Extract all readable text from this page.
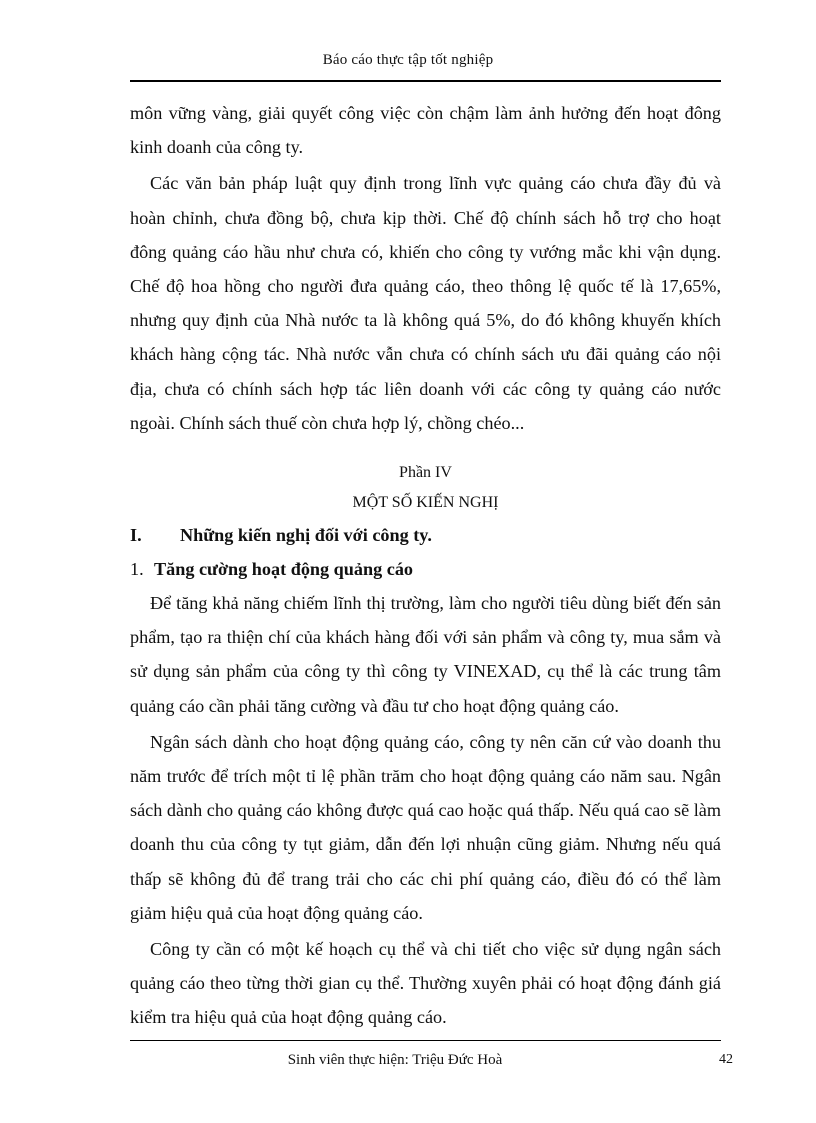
Báo cáo thực tập tốt nghiệp

môn vững vàng, giải quyết công việc còn chậm làm ảnh hưởng đến hoạt đông kinh doanh của công ty.

Các văn bản pháp luật quy định trong lĩnh vực quảng cáo chưa đầy đủ và hoàn chỉnh, chưa đồng bộ, chưa kịp thời. Chế độ chính sách hỗ trợ cho hoạt đông quảng cáo hầu như chưa có, khiến cho công ty vướng mắc khi vận dụng. Chế độ hoa hồng cho người đưa quảng cáo, theo thông lệ quốc tế là 17,65%, nhưng quy định của Nhà nước ta là không quá 5%, do đó không khuyến khích khách hàng cộng tác. Nhà nước vẫn chưa có chính sách ưu đãi quảng cáo nội địa, chưa có chính sách hợp tác liên doanh với các công ty quảng cáo nước ngoài. Chính sách thuế còn chưa hợp lý, chồng chéo...

Phần IV

MỘT SỐ KIẾN NGHỊ

I.	Những kiến nghị đối với công ty.
1. Tăng cường hoạt động quảng cáo

Để tăng khả năng chiếm lĩnh thị trường, làm cho người tiêu dùng biết đến sản phẩm, tạo ra thiện chí của khách hàng đối với sản phẩm và công ty, mua sắm và sử dụng sản phẩm của công ty thì công ty VINEXAD, cụ thể là các trung tâm quảng cáo cần phải tăng cường và đầu tư cho hoạt động quảng cáo.

Ngân sách dành cho hoạt động quảng cáo, công ty nên căn cứ vào doanh thu năm trước để trích một tỉ lệ phần trăm cho hoạt động quảng cáo năm sau. Ngân sách dành cho quảng cáo không được quá cao hoặc quá thấp. Nếu quá cao sẽ làm doanh thu của công ty tụt giảm, dẫn đến lợi nhuận cũng giảm. Nhưng nếu quá thấp sẽ không đủ để trang trải cho các chi phí quảng cáo, điều đó có thể làm giảm hiệu quả của hoạt động quảng cáo.

Công ty cần có một kế hoạch cụ thể và chi tiết cho việc sử dụng ngân sách quảng cáo theo từng thời gian cụ thể. Thường xuyên phải có hoạt động đánh giá kiểm tra hiệu quả của hoạt động quảng cáo.

Sinh viên thực hiện: Triệu Đức Hoà	42
